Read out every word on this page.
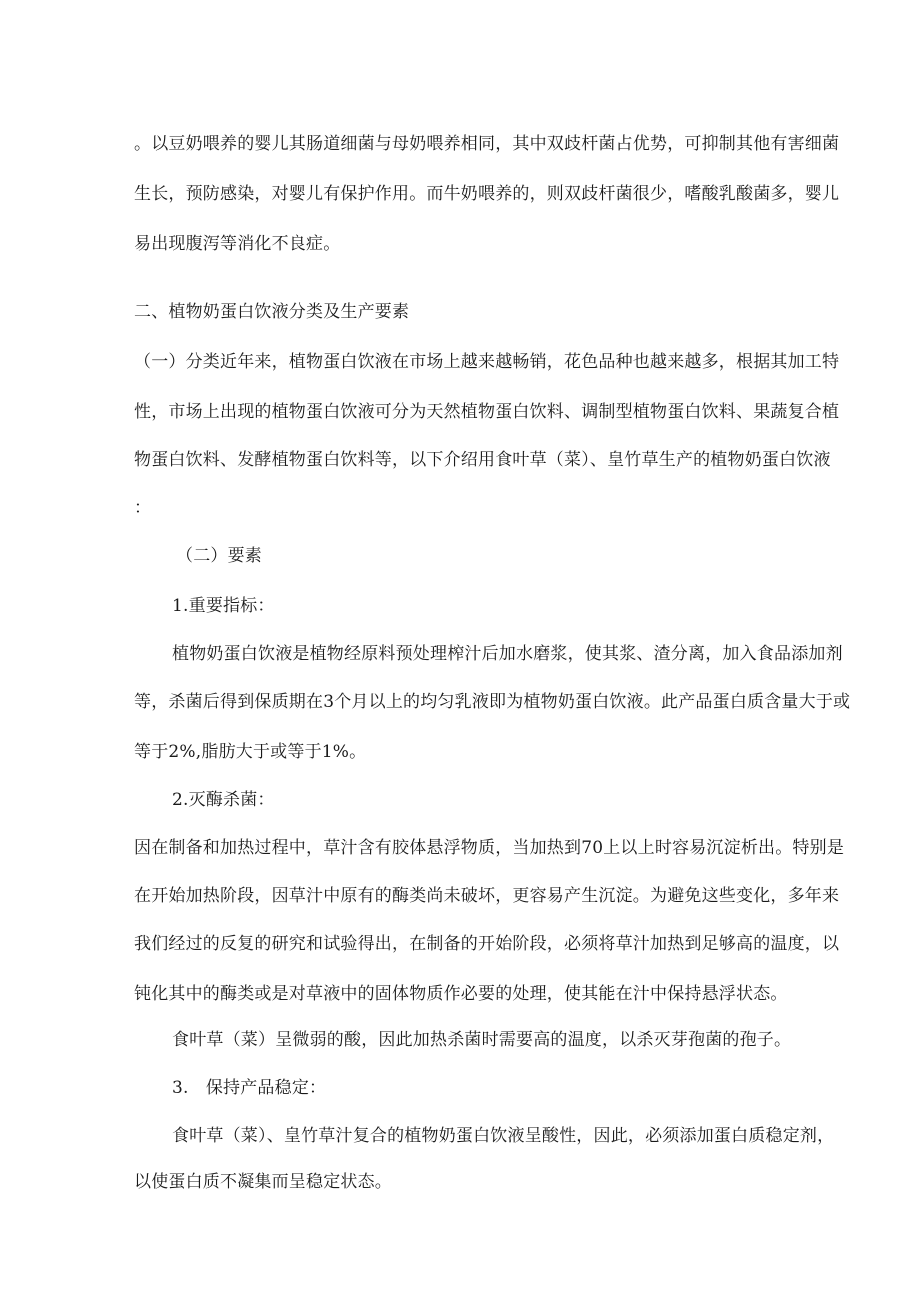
。以豆奶喂养的婴儿其肠道细菌与母奶喂养相同，其中双歧杆菌占优势，可抑制其他有害细菌

生长，预防感染，对婴儿有保护作用。而牛奶喂养的，则双歧杆菌很少，嗜酸乳酸菌多，婴儿

易出现腹泻等消化不良症。

二、植物奶蛋白饮液分类及生产要素

（一）分类近年来，植物蛋白饮液在市场上越来越畅销，花色品种也越来越多，根据其加工特

性，市场上出现的植物蛋白饮液可分为天然植物蛋白饮料、调制型植物蛋白饮料、果蔬复合植

物蛋白饮料、发酵植物蛋白饮料等，以下介绍用食叶草（菜）、皇竹草生产的植物奶蛋白饮液

：

（二）要素

1.重要指标：

植物奶蛋白饮液是植物经原料预处理榨汁后加水磨浆，使其浆、渣分离，加入食品添加剂

等，杀菌后得到保质期在3个月以上的均匀乳液即为植物奶蛋白饮液。此产品蛋白质含量大于或

等于2%,脂肪大于或等于1%。

2.灭酶杀菌：

因在制备和加热过程中，草汁含有胶体悬浮物质，当加热到70上以上时容易沉淀析出。特别是

在开始加热阶段，因草汁中原有的酶类尚未破坏，更容易产生沉淀。为避免这些变化，多年来

我们经过的反复的研究和试验得出，在制备的开始阶段，必须将草汁加热到足够高的温度，以

钝化其中的酶类或是对草液中的固体物质作必要的处理，使其能在汁中保持悬浮状态。

食叶草（菜）呈微弱的酸，因此加热杀菌时需要高的温度，以杀灭芽孢菌的孢子。

3.　保持产品稳定：

食叶草（菜）、皇竹草汁复合的植物奶蛋白饮液呈酸性，因此，必须添加蛋白质稳定剂，

以使蛋白质不凝集而呈稳定状态。
